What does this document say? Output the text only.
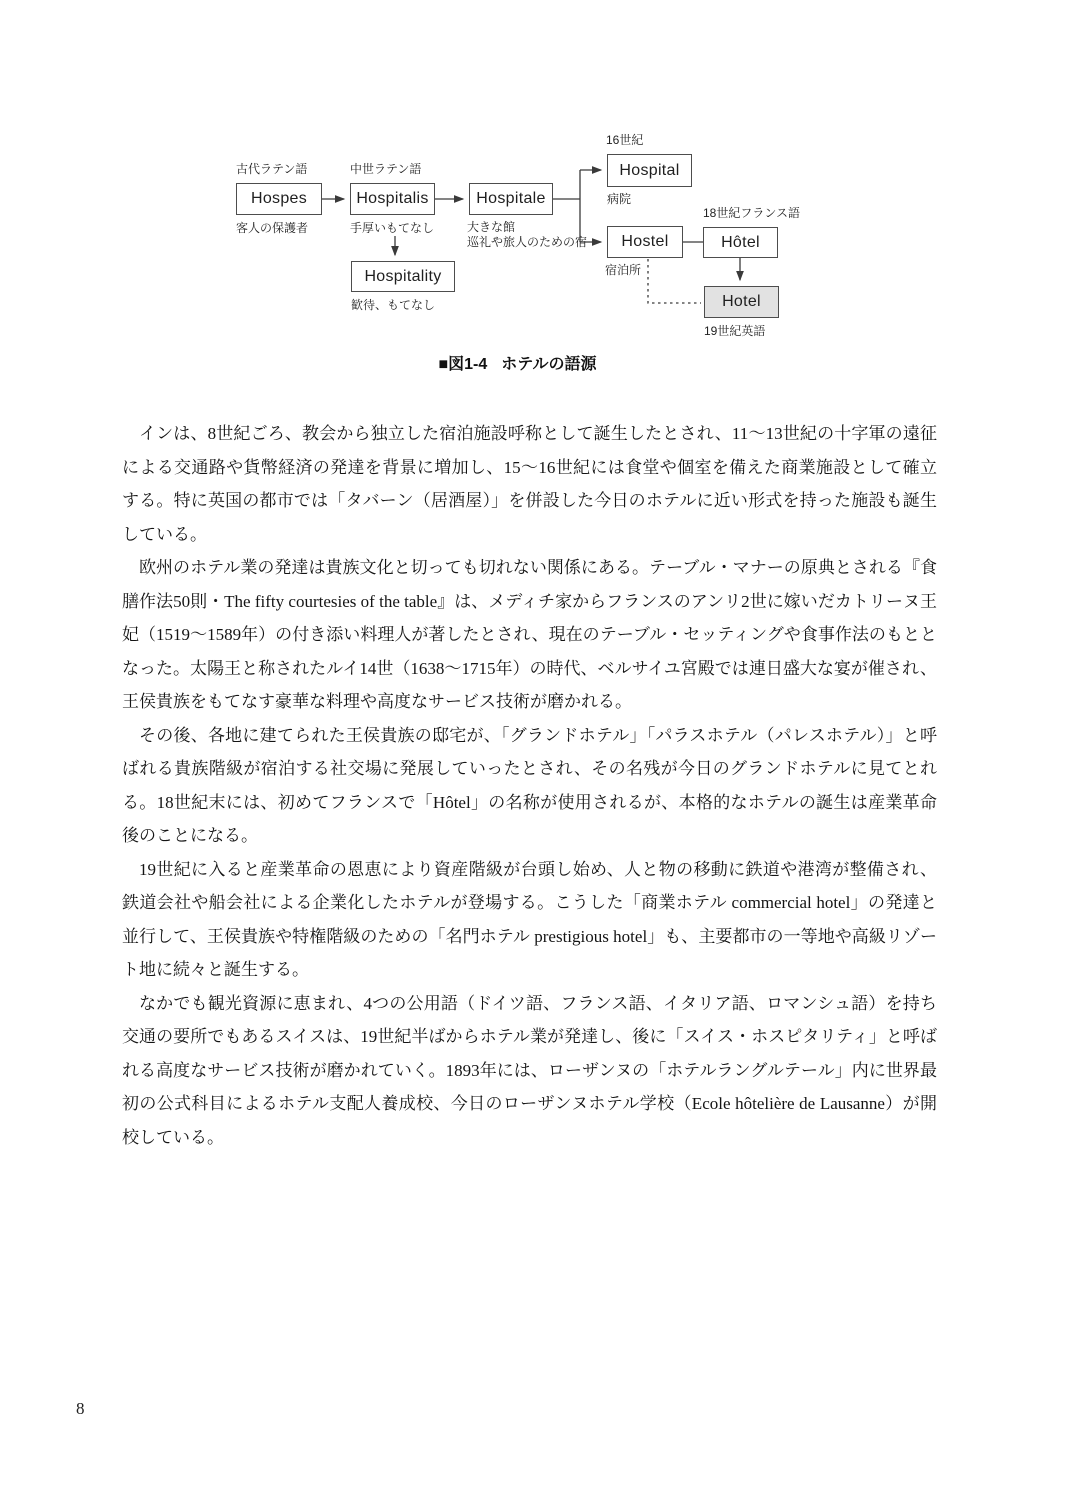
Hospes	Hospitalis
Hospitality
Hospitale
Hospital
Hostel	Hôtel
Hotel
古代ラテン語
客人の保護者
中世ラテン語
手厚いもてなし
歓待、もてなし
大きな館
巡礼や旅人のための宿
16世紀
病院
宿泊所
18世紀フランス語
19世紀英語
■図1-4 ホテルの語源

インは、8世紀ごろ、教会から独立した宿泊施設呼称として誕生したとされ、11～13世紀の十字軍の遠征による交通路や貨幣経済の発達を背景に増加し、15～16世紀には食堂や個室を備えた商業施設として確立する。特に英国の都市では「タバーン（居酒屋）」を併設した今日のホテルに近い形式を持った施設も誕生している。

欧州のホテル業の発達は貴族文化と切っても切れない関係にある。テーブル・マナーの原典とされる『食膳作法50則・The fifty courtesies of the table』は、メディチ家からフランスのアンリ2世に嫁いだカトリーヌ王妃（1519～1589年）の付き添い料理人が著したとされ、現在のテーブル・セッティングや食事作法のもととなった。太陽王と称されたルイ14世（1638～1715年）の時代、ベルサイユ宮殿では連日盛大な宴が催され、王侯貴族をもてなす豪華な料理や高度なサービス技術が磨かれる。

その後、各地に建てられた王侯貴族の邸宅が、「グランドホテル」「パラスホテル（パレスホテル）」と呼ばれる貴族階級が宿泊する社交場に発展していったとされ、その名残が今日のグランドホテルに見てとれる。18世紀末には、初めてフランスで「Hôtel」の名称が使用されるが、本格的なホテルの誕生は産業革命後のことになる。

19世紀に入ると産業革命の恩恵により資産階級が台頭し始め、人と物の移動に鉄道や港湾が整備され、鉄道会社や船会社による企業化したホテルが登場する。こうした「商業ホテル commercial hotel」の発達と並行して、王侯貴族や特権階級のための「名門ホテル prestigious hotel」も、主要都市の一等地や高級リゾート地に続々と誕生する。

なかでも観光資源に恵まれ、4つの公用語（ドイツ語、フランス語、イタリア語、ロマンシュ語）を持ち交通の要所でもあるスイスは、19世紀半ばからホテル業が発達し、後に「スイス・ホスピタリティ」と呼ばれる高度なサービス技術が磨かれていく。1893年には、ローザンヌの「ホテルラングルテール」内に世界最初の公式科目によるホテル支配人養成校、今日のローザンヌホテル学校（Ecole hôtelière de Lausanne）が開校している。

8
